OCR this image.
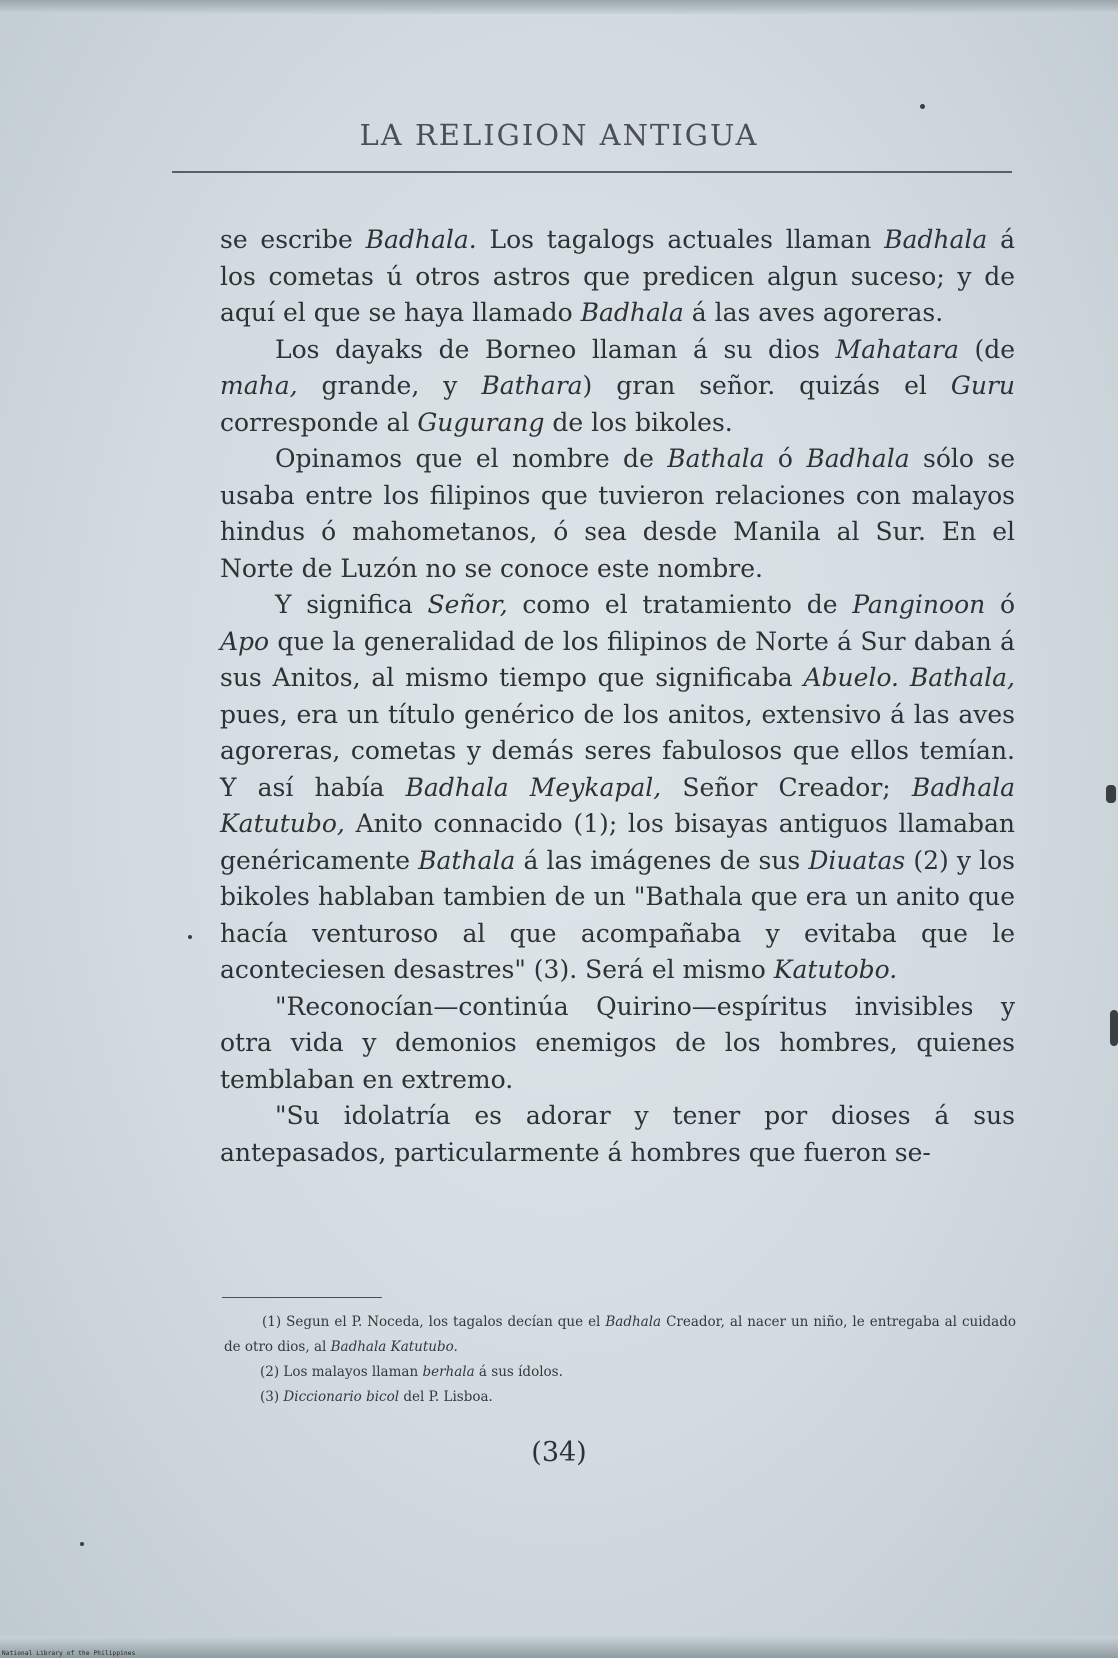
LA RELIGION ANTIGUA

se escribe Badhala. Los tagalogs actuales llaman Badhala á los cometas ú otros astros que predicen algun suceso; y de aquí el que se haya llamado Badhala á las aves agoreras.

Los dayaks de Borneo llaman á su dios Mahatara (de maha, grande, y Bathara) gran señor. quizás el Guru corresponde al Gugurang de los bikoles.

Opinamos que el nombre de Bathala ó Badhala sólo se usaba entre los filipinos que tuvieron relaciones con malayos hindus ó mahometanos, ó sea desde Manila al Sur. En el Norte de Luzón no se conoce este nombre.

Y significa Señor, como el tratamiento de Panginoon ó Apo que la generalidad de los filipinos de Norte á Sur daban á sus Anitos, al mismo tiempo que significaba Abuelo. Bathala, pues, era un título genérico de los anitos, extensivo á las aves agoreras, cometas y demás seres fabulosos que ellos temían. Y así había Badhala Meykapal, Señor Creador; Badhala Katutubo, Anito connacido (1); los bisayas antiguos llamaban genéricamente Bathala á las imágenes de sus Diuatas (2) y los bikoles hablaban tambien de un "Bathala que era un anito que hacía venturoso al que acompañaba y evitaba que le aconteciesen desastres" (3). Será el mismo Katutobo.

"Reconocían—continúa Quirino—espíritus invisibles y otra vida y demonios enemigos de los hombres, quienes temblaban en extremo.

"Su idolatría es adorar y tener por dioses á sus antepasados, particularmente á hombres que fueron se-

(1) Segun el P. Noceda, los tagalos decían que el Badhala Creador, al nacer un niño, le entregaba al cuidado de otro dios, al Badhala Katutubo.

(2) Los malayos llaman berhala á sus ídolos.

(3) Diccionario bicol del P. Lisboa.

(34)
National Library of the Philippines
